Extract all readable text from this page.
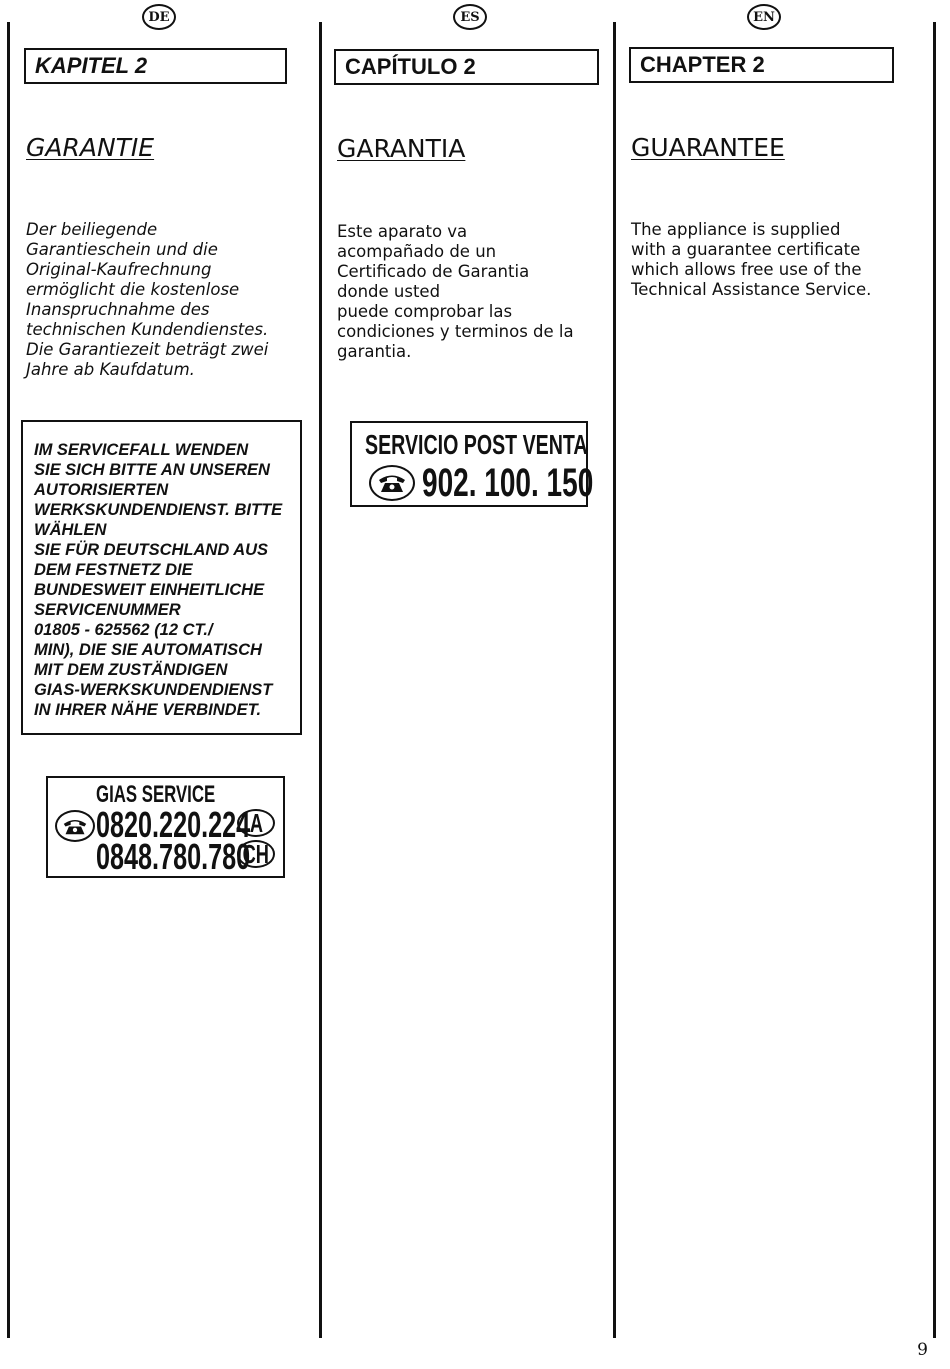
DE	ES	EN
KAPITEL 2	CAPÍTULO 2	CHAPTER 2
GARANTIE	GARANTIA	GUARANTEE
Der beiliegende
Garantieschein und die
Original-Kaufrechnung
ermöglicht die kostenlose
Inanspruchnahme des
technischen Kundendienstes.
Die Garantiezeit beträgt zwei
Jahre ab Kaufdatum.
Este aparato va
acompañado de un
Certificado de Garantia
donde usted
puede comprobar las
condiciones y terminos de la
garantia.
The appliance is supplied
with a guarantee certificate
which allows free use of the
Technical Assistance Service.
IM SERVICEFALL WENDEN
SIE SICH BITTE AN UNSEREN
AUTORISIERTEN
WERKSKUNDENDIENST. BITTE
WÄHLEN
SIE FÜR DEUTSCHLAND AUS
DEM FESTNETZ DIE
BUNDESWEIT EINHEITLICHE
SERVICENUMMER
01805 - 625562 (12 CT./
MIN), DIE SIE AUTOMATISCH
MIT DEM ZUSTÄNDIGEN
GIAS-WERKSKUNDENDIENST
IN IHRER NÄHE VERBINDET.
SERVICIO POST VENTA
902. 100. 150
GIAS SERVICE
0820.220.224 A
0848.780.780
CH
9
